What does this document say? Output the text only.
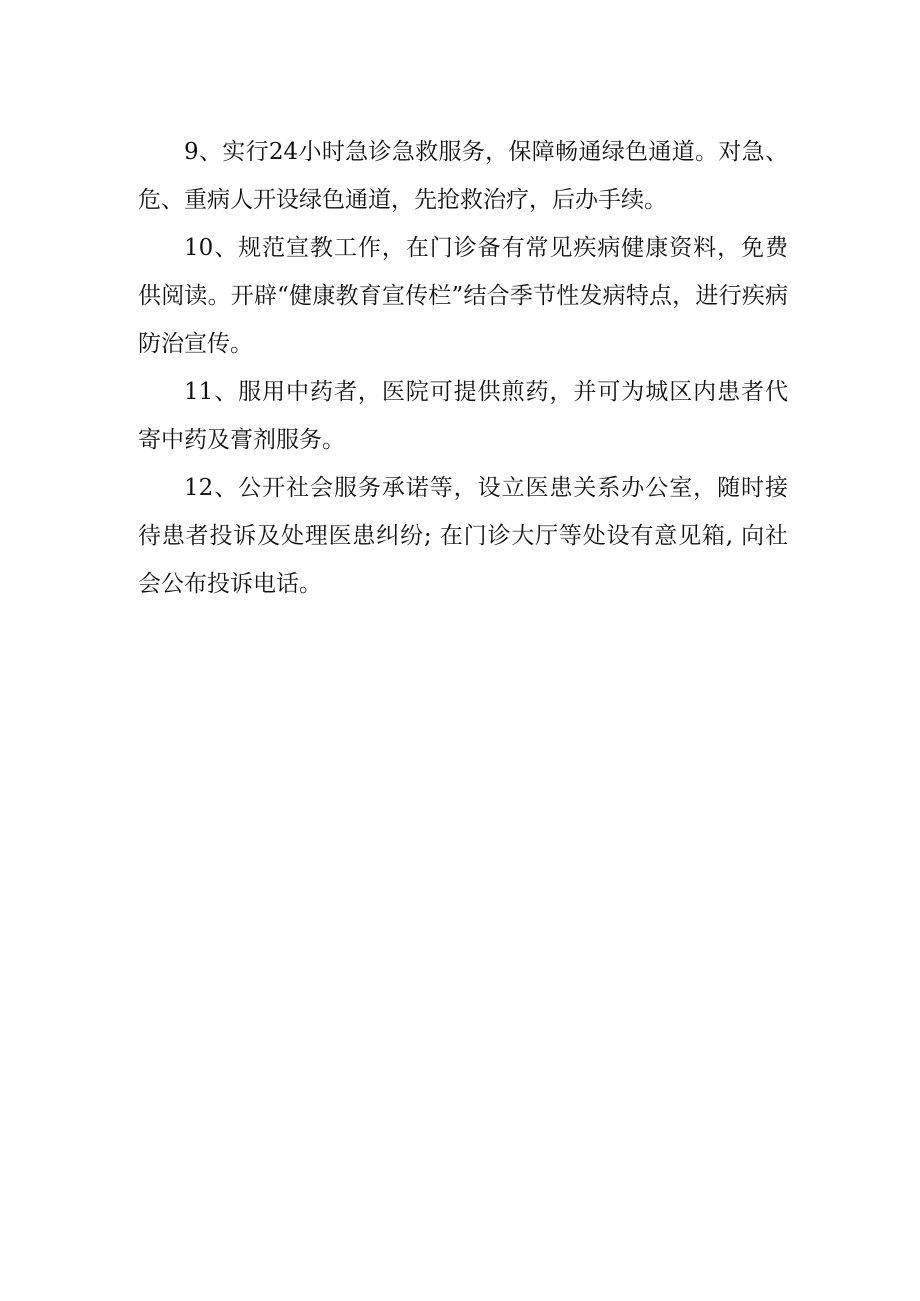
9、实行24小时急诊急救服务，保障畅通绿色通道。对急、危、重病人开设绿色通道，先抢救治疗，后办手续。

10、规范宣教工作，在门诊备有常见疾病健康资料，免费供阅读。开辟“健康教育宣传栏”结合季节性发病特点，进行疾病防治宣传。

11、服用中药者，医院可提供煎药，并可为城区内患者代寄中药及膏剂服务。

12、公开社会服务承诺等，设立医患关系办公室，随时接待患者投诉及处理医患纠纷; 在门诊大厅等处设有意见箱, 向社会公布投诉电话。
